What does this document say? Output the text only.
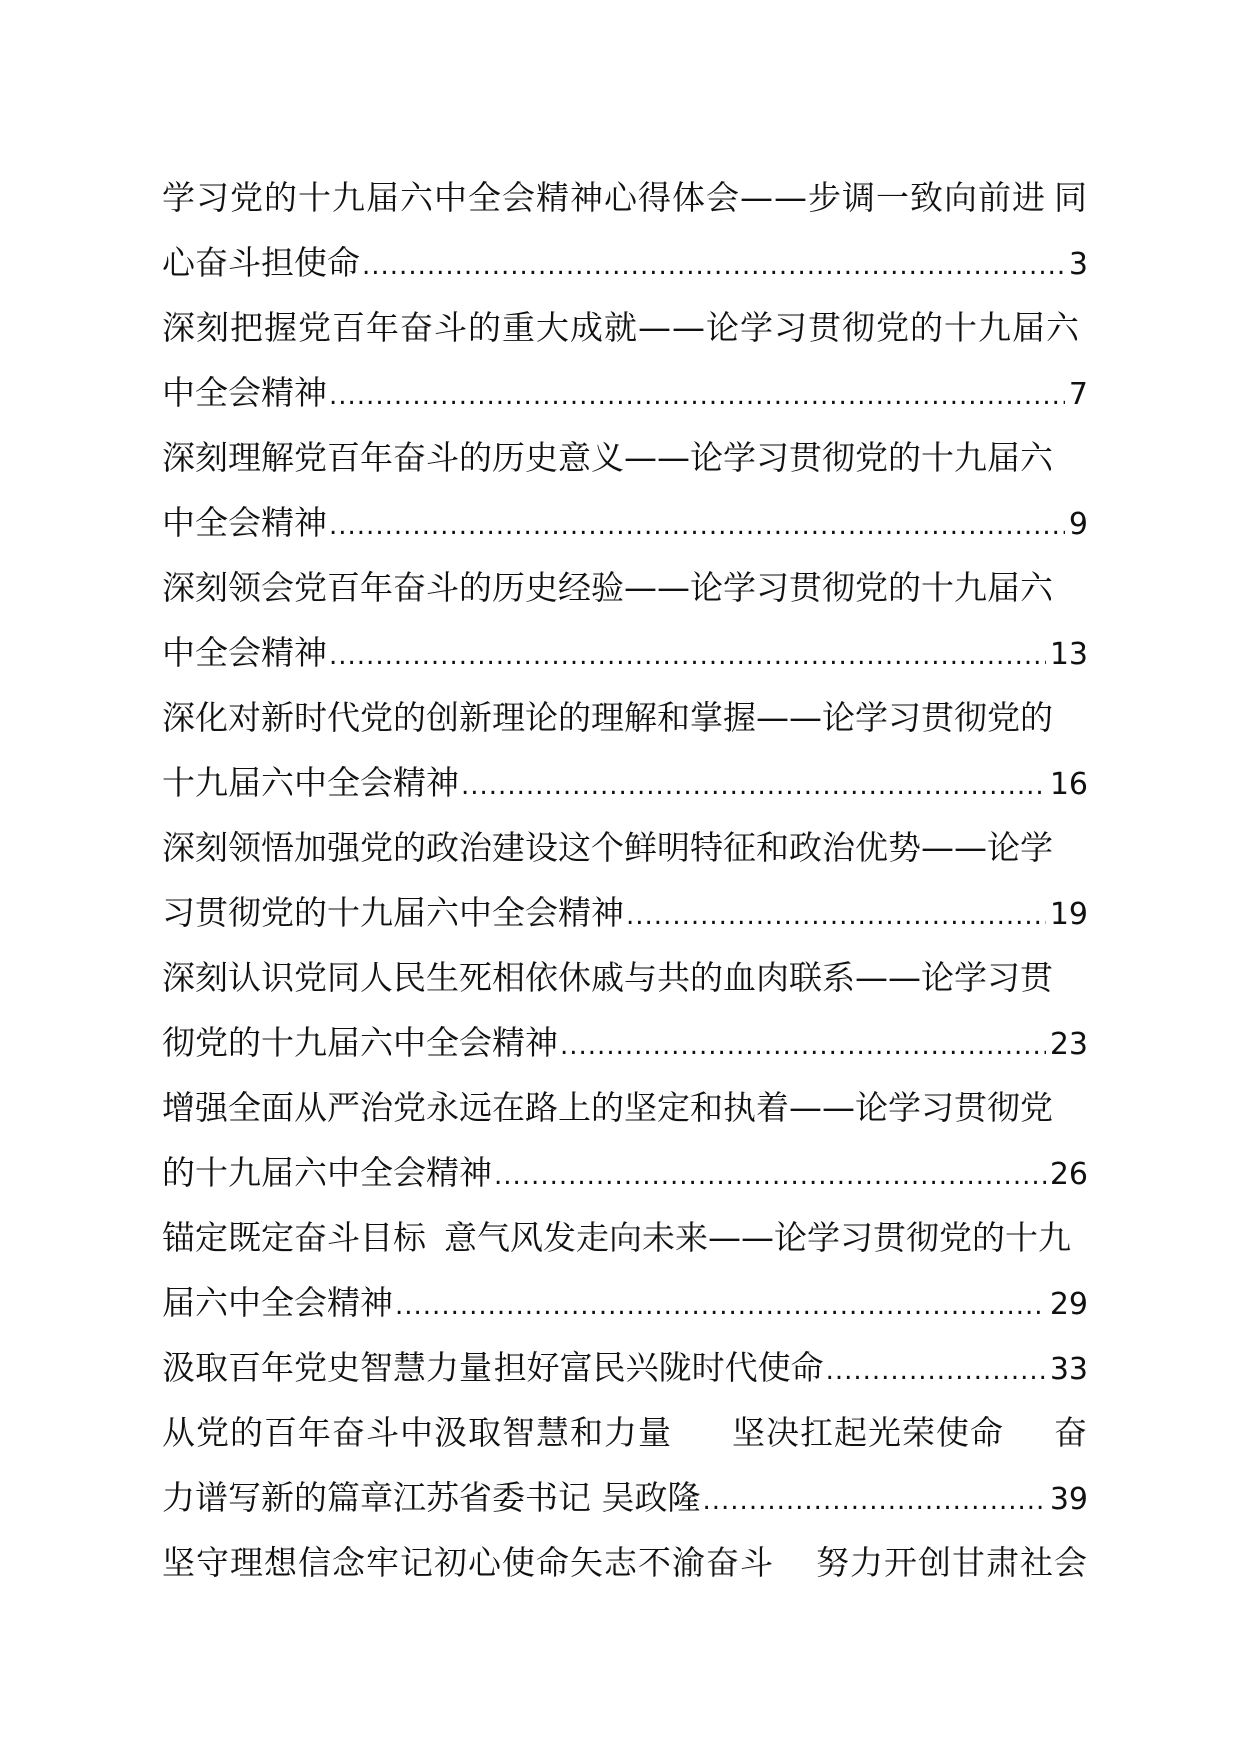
学习党的十九届六中全会精神心得体会——步调一致向前进 同
心奋斗担使命 .....	3
深刻把握党百年奋斗的重大成就——论学习贯彻党的十九届六
中全会精神 .....	7
深刻理解党百年奋斗的历史意义 ——论学习贯彻党的十九届六
中全会精神 .....	9
深刻领会党百年奋斗的历史经验 ——论学习贯彻党的十九届六
中全会精神 .....	13
深化对新时代党的创新理论的理解和掌握 ——论学习贯彻党的
十九届六中全会精神 .....	16
深刻领悟加强党的政治建设这个鲜明特征和政治优势 ——论学
习贯彻党的十九届六中全会精神 .....	19
深刻认识党同人民生死相依休戚与共的血肉联系 ——论学习贯
彻党的十九届六中全会精神 .....	23
增强全面从严治党永远在路上的坚定和执着 ——论学习贯彻党
的十九届六中全会精神 .....	26
锚定既定奋斗目标 意气风发走向未来 ——论学习贯彻党的十九
届六中全会精神 .....	29
汲取百年党史智慧力量 担好富民兴陇时代使命 .....	33
从党的百年奋斗中汲取智慧和力量 坚决扛起光荣使命 奋
力谱写新的篇章 江苏省委书记 吴政隆 .....	39
坚守理想信念牢记初心使命矢志不渝奋斗 努力开创甘肃社会
